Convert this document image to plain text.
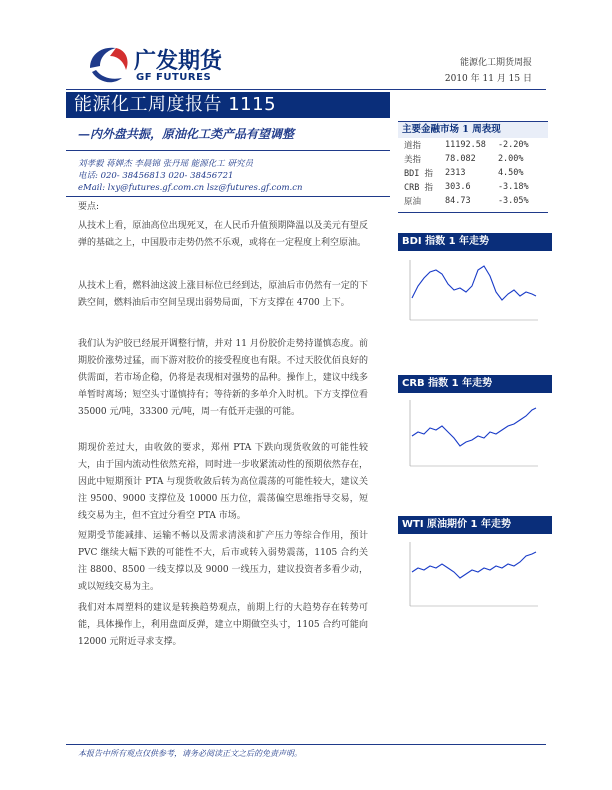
广发期货
GF FUTURES
能源化工期货周报
2010 年 11 月 15 日
能源化工周度报告 1115
—内外盘共振，原油化工类产品有望调整
刘孝毅 蒋婵杰 李晨锦 张丹瑶 能源化工 研究员
电话: 020- 38456813 020- 38456721
eMail: lxy@futures.gf.com.cn lsz@futures.gf.com.cn
要点:
从技术上看，原油高位出现死叉，在人民币升值预期降温以及美元有望反弹的基础之上，中国股市走势仍然不乐观，或将在一定程度上利空原油。
从技术上看，燃料油这波上涨目标位已经到达，原油后市仍然有一定的下跌空间，燃料油后市空间呈现出弱势局面，下方支撑在 4700 上下。
我们认为沪胶已经展开调整行情，并对 11 月份胶价走势持谨慎态度。前期胶价涨势过猛，而下游对胶价的接受程度也有限。不过天胶优佰良好的供需面，若市场企稳，仍将是表现相对强势的品种。操作上，建议中线多单暂时离场；短空头寸谨慎持有；等待新的多单介入时机。下方支撑位看 35000 元/吨，33300 元/吨，周一有低开走强的可能。
期现价差过大，由收敛的要求，郑州 PTA 下跌向现货收敛的可能性较大，由于国内流动性依然充裕，同时进一步收紧流动性的预期依然存在，因此中短期预计 PTA 与现货收敛后转为高位震荡的可能性较大，建议关注 9500、9000 支撑位及 10000 压力位，震荡偏空思维指导交易，短线交易为主，但不宜过分看空 PTA 市场。
短期受节能减排、运输不畅以及需求清淡和扩产压力等综合作用，预计 PVC 继续大幅下跌的可能性不大，后市或转入弱势震荡，1105 合约关注 8800、8500 一线支撑以及 9000 一线压力，建议投资者多看少动，或以短线交易为主。
我们对本周塑料的建议是转换趋势观点，前期上行的大趋势存在转势可能，具体操作上，利用盘面反弹，建立中期做空头寸，1105 合约可能向 12000 元附近寻求支撑。
主要金融市场 1 周表现
道指	11192.58	-2.20%
美指	78.082	2.00%
BDI 指	2313	4.50%
CRB 指	303.6	-3.18%
原油	84.73	-3.05%
BDI 指数 1 年走势
CRB 指数 1 年走势
WTI 原油期价 1 年走势
本报告中所有观点仅供参考，请务必阅读正文之后的免责声明。
